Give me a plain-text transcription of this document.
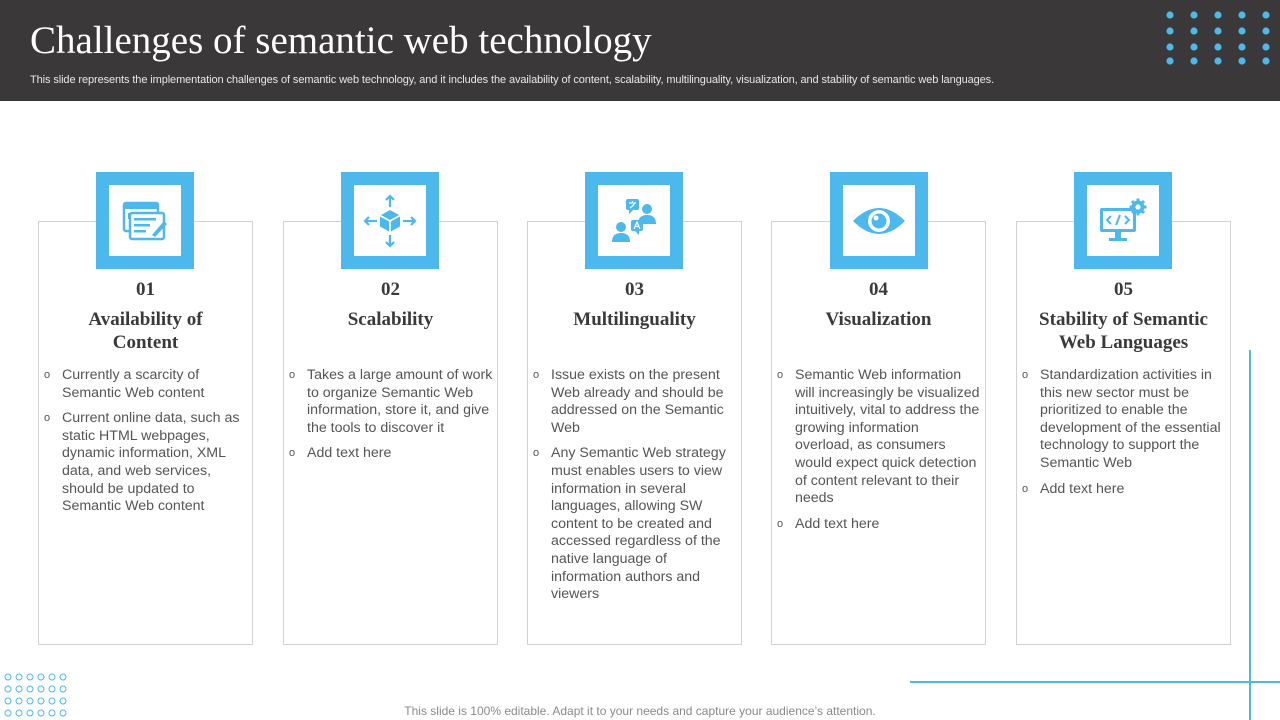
Challenges of semantic web technology
This slide represents the implementation challenges of semantic web technology, and it includes the availability of content, scalability, multilinguality, visualization, and stability of semantic web languages.
01
Availability of Content
o Currently a scarcity of Semantic Web content
o Current online data, such as static HTML webpages, dynamic information, XML data, and web services, should be updated to Semantic Web content
02
Scalability
o Takes a large amount of work to organize Semantic Web information, store it, and give the tools to discover it
o Add text here
03
Multilinguality
o Issue exists on the present Web already and should be addressed on the Semantic Web
o Any Semantic Web strategy must enables users to view information in several languages, allowing SW content to be created and accessed regardless of the native language of information authors and viewers
04
Visualization
o Semantic Web information will increasingly be visualized intuitively, vital to address the growing information overload, as consumers would expect quick detection of content relevant to their needs
o Add text here
05
Stability of Semantic Web Languages
o Standardization activities in this new sector must be prioritized to enable the development of the essential technology to support the Semantic Web
o Add text here
This slide is 100% editable. Adapt it to your needs and capture your audience’s attention.
